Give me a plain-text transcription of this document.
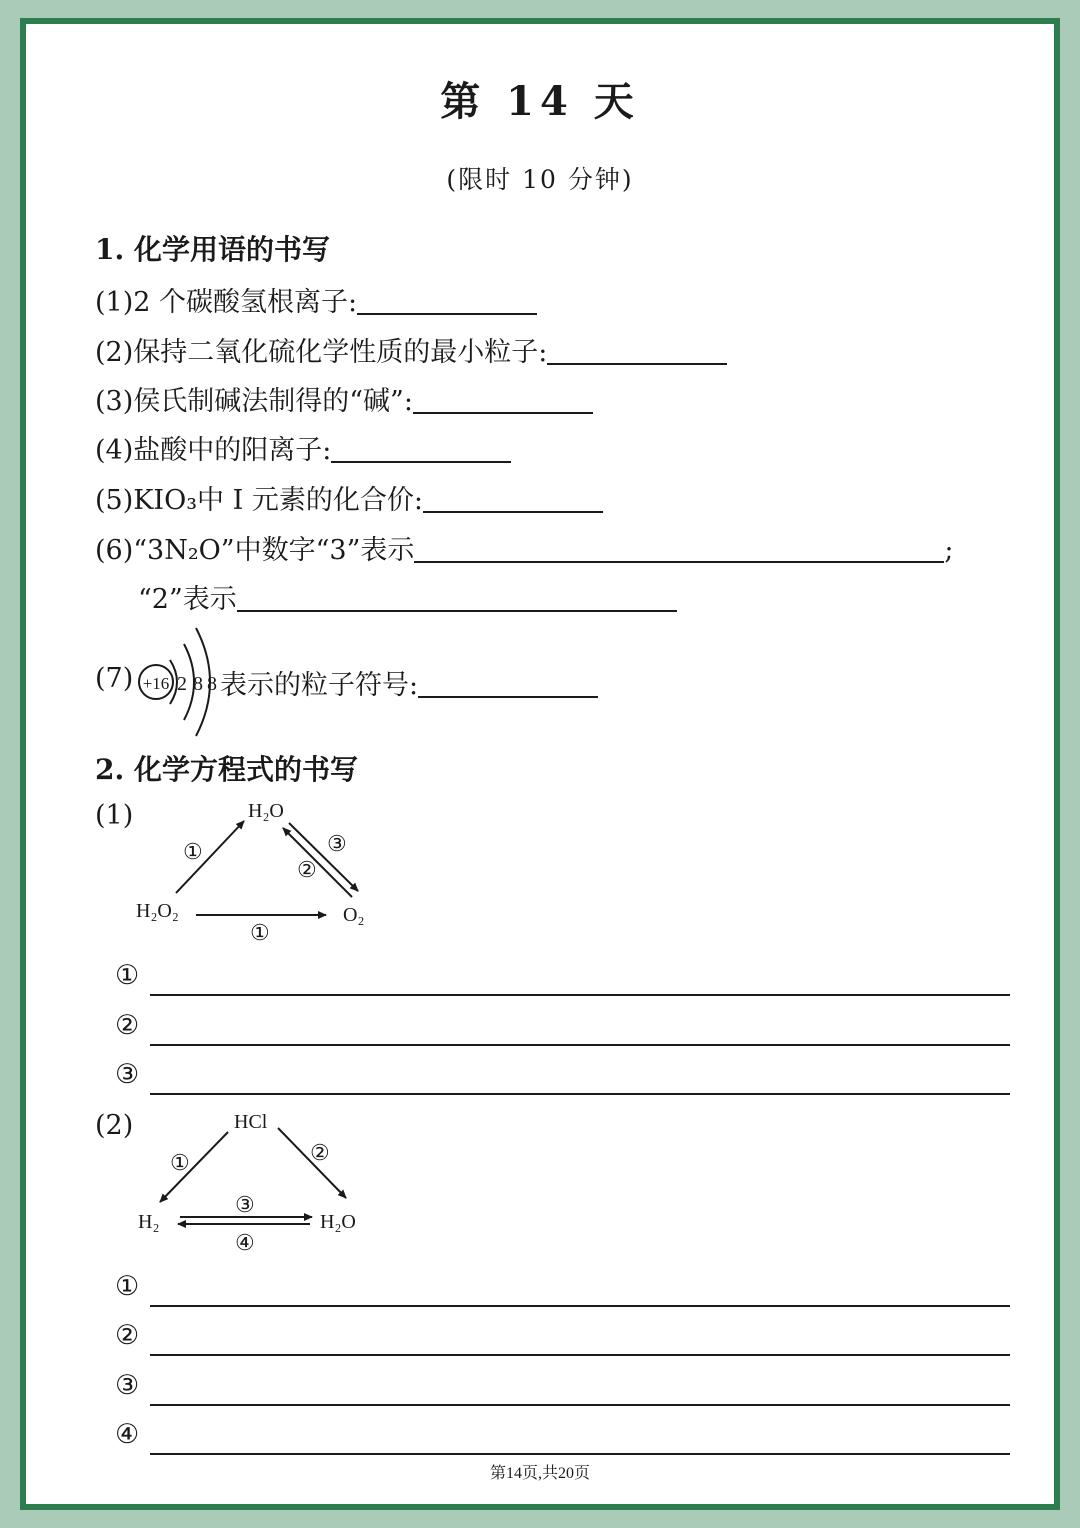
第 14 天
(限时 10 分钟)
1. 化学用语的书写
(1)2 个碳酸氢根离子:
(2)保持二氧化硫化学性质的最小粒子:
(3)侯氏制碱法制得的“碱”:
(4)盐酸中的阳离子:
(5)KIO₃中 I 元素的化合价:
(6)“3N₂O”中数字“3”表示	;
“2”表示
(7) +16 2 8 8 表示的粒子符号:
2. 化学方程式的书写
(1)	H₂O
H₂O₂	O₂
①	③
②
①
①
②
③
(2)	HCl
H₂	H₂O
①	②
③
④
①
②
③
④
第14页,共20页
